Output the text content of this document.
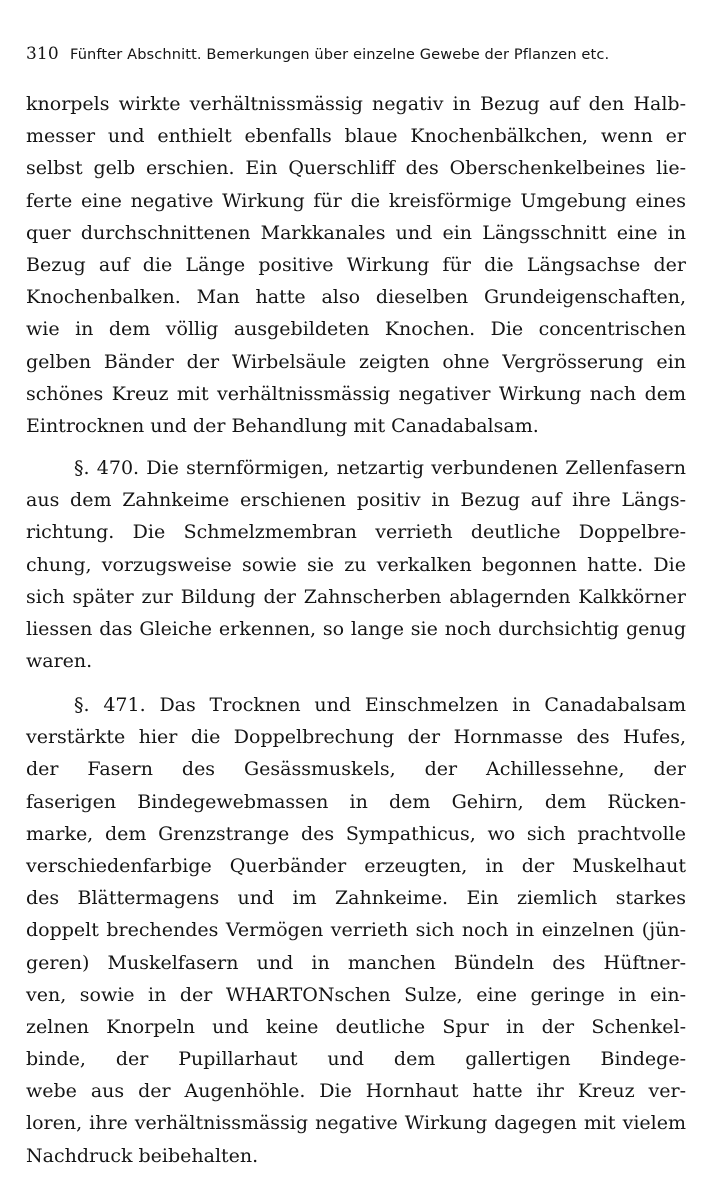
310 Fünfter Abschnitt. Bemerkungen über einzelne Gewebe der Pflanzen etc.
knorpels wirkte verhältnissmässig negativ in Bezug auf den Halb-
messer und enthielt ebenfalls blaue Knochenbälkchen, wenn er
selbst gelb erschien. Ein Querschliff des Oberschenkelbeines lie-
ferte eine negative Wirkung für die kreisförmige Umgebung eines
quer durchschnittenen Markkanales und ein Längsschnitt eine in
Bezug auf die Länge positive Wirkung für die Längsachse der
Knochenbalken. Man hatte also dieselben Grundeigenschaften,
wie in dem völlig ausgebildeten Knochen. Die concentrischen
gelben Bänder der Wirbelsäule zeigten ohne Vergrösserung ein
schönes Kreuz mit verhältnissmässig negativer Wirkung nach dem
Eintrocknen und der Behandlung mit Canadabalsam.
§. 470. Die sternförmigen, netzartig verbundenen Zellenfasern
aus dem Zahnkeime erschienen positiv in Bezug auf ihre Längs-
richtung. Die Schmelzmembran verrieth deutliche Doppelbre-
chung, vorzugsweise sowie sie zu verkalken begonnen hatte. Die
sich später zur Bildung der Zahnscherben ablagernden Kalkkörner
liessen das Gleiche erkennen, so lange sie noch durchsichtig genug
waren.
§. 471. Das Trocknen und Einschmelzen in Canadabalsam
verstärkte hier die Doppelbrechung der Hornmasse des Hufes,
der Fasern des Gesässmuskels, der Achillessehne, der
faserigen Bindegewebmassen in dem Gehirn, dem Rücken-
marke, dem Grenzstrange des Sympathicus, wo sich prachtvolle
verschiedenfarbige Querbänder erzeugten, in der Muskelhaut
des Blättermagens und im Zahnkeime. Ein ziemlich starkes
doppelt brechendes Vermögen verrieth sich noch in einzelnen (jün-
geren) Muskelfasern und in manchen Bündeln des Hüftner-
ven, sowie in der WHARTONschen Sulze, eine geringe in ein-
zelnen Knorpeln und keine deutliche Spur in der Schenkel-
binde, der Pupillarhaut und dem gallertigen Bindege-
webe aus der Augenhöhle. Die Hornhaut hatte ihr Kreuz ver-
loren, ihre verhältnissmässig negative Wirkung dagegen mit vielem
Nachdruck beibehalten.
